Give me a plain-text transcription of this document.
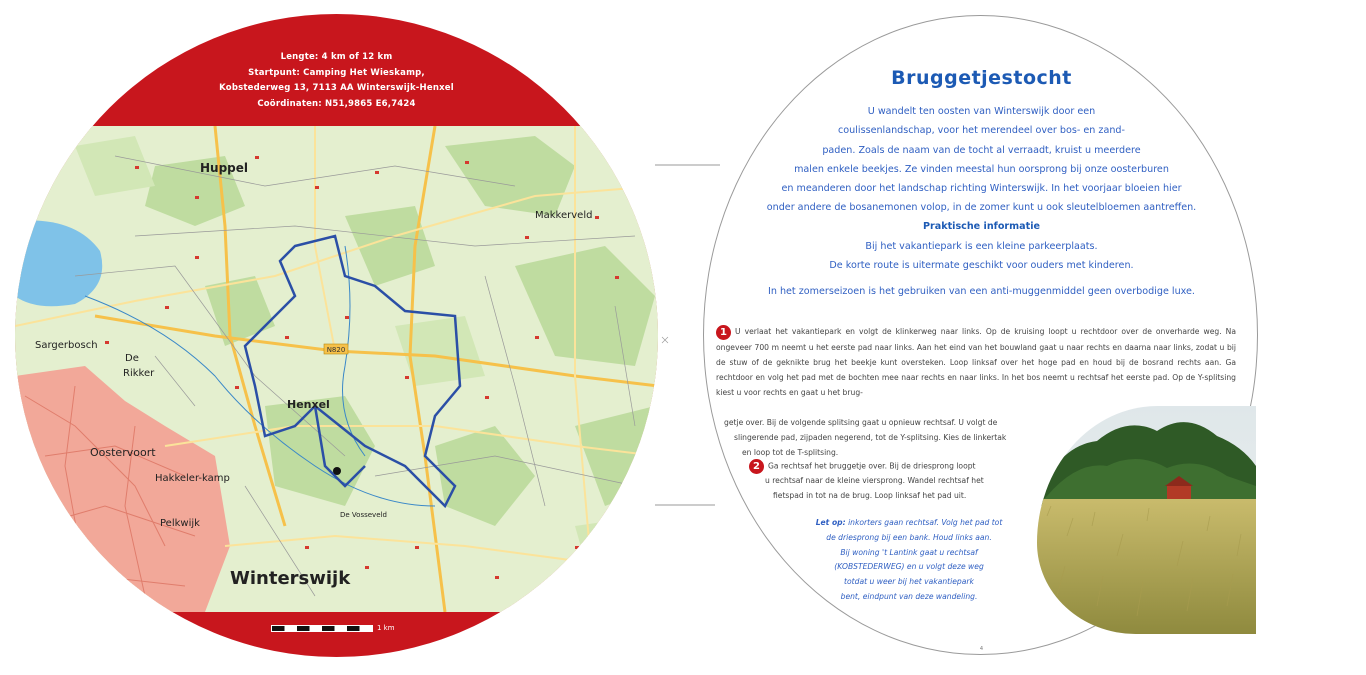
Lengte: 4 km of 12 km
Startpunt: Camping Het Wieskamp,
Kobstederweg 13, 7113 AA Winterswijk-Henxel
Coördinaten: N51,9865 E6,7424
N820
Huppel
Henxel
Winterswijk
Oostervoort
Sargerbosch
De
Rikker
Hakkeler-kamp
Pelkwijk
Vosseveld
Makkerveld
De Vosseveld
1 km
Bruggetjestocht
U wandelt ten oosten van Winterswijk door een
coulissenlandschap, voor het merendeel over bos- en zand-
paden. Zoals de naam van de tocht al verraadt, kruist u meerdere
malen enkele beekjes. Ze vinden meestal hun oorsprong bij onze oosterburen
en meanderen door het landschap richting Winterswijk. In het voorjaar bloeien hier
onder andere de bosanemonen volop, in de zomer kunt u ook sleutelbloemen aantreffen.
Praktische informatie
Bij het vakantiepark is een kleine parkeerplaats.
De korte route is uitermate geschikt voor ouders met kinderen.
In het zomerseizoen is het gebruiken van een anti-muggenmiddel geen overbodige luxe.
1 U verlaat het vakantiepark en volgt de klinkerweg naar links. Op de kruising loopt u rechtdoor over de onverharde weg. Na ongeveer 700 m neemt u het eerste pad naar links. Aan het eind van het bouwland gaat u naar rechts en daarna naar links, zodat u bij de stuw of de geknikte brug het beekje kunt oversteken. Loop linksaf over het hoge pad en houd bij de bosrand rechts aan. Ga rechtdoor en volg het pad met de bochten mee naar rechts en naar links. In het bos neemt u rechtsaf het eerste pad. Op de Y-splitsing kiest u voor rechts en gaat u het brug-
getje over. Bij de volgende splitsing gaat u opnieuw rechtsaf. U volgt de
slingerende pad, zijpaden negerend, tot de Y-splitsing. Kies de linkertak
en loop tot de T-splitsing.
2 Ga rechtsaf het bruggetje over. Bij de driesprong loopt
u rechtsaf naar de kleine viersprong. Wandel rechtsaf het
fietspad in tot na de brug. Loop linksaf het pad uit.
Let op: inkorters gaan rechtsaf. Volg het pad tot
de driesprong bij een bank. Houd links aan.
Bij woning 't Lantink gaat u rechtsaf
(KOBSTEDERWEG) en u volgt deze weg
totdat u weer bij het vakantiepark
bent, eindpunt van deze wandeling.
4
